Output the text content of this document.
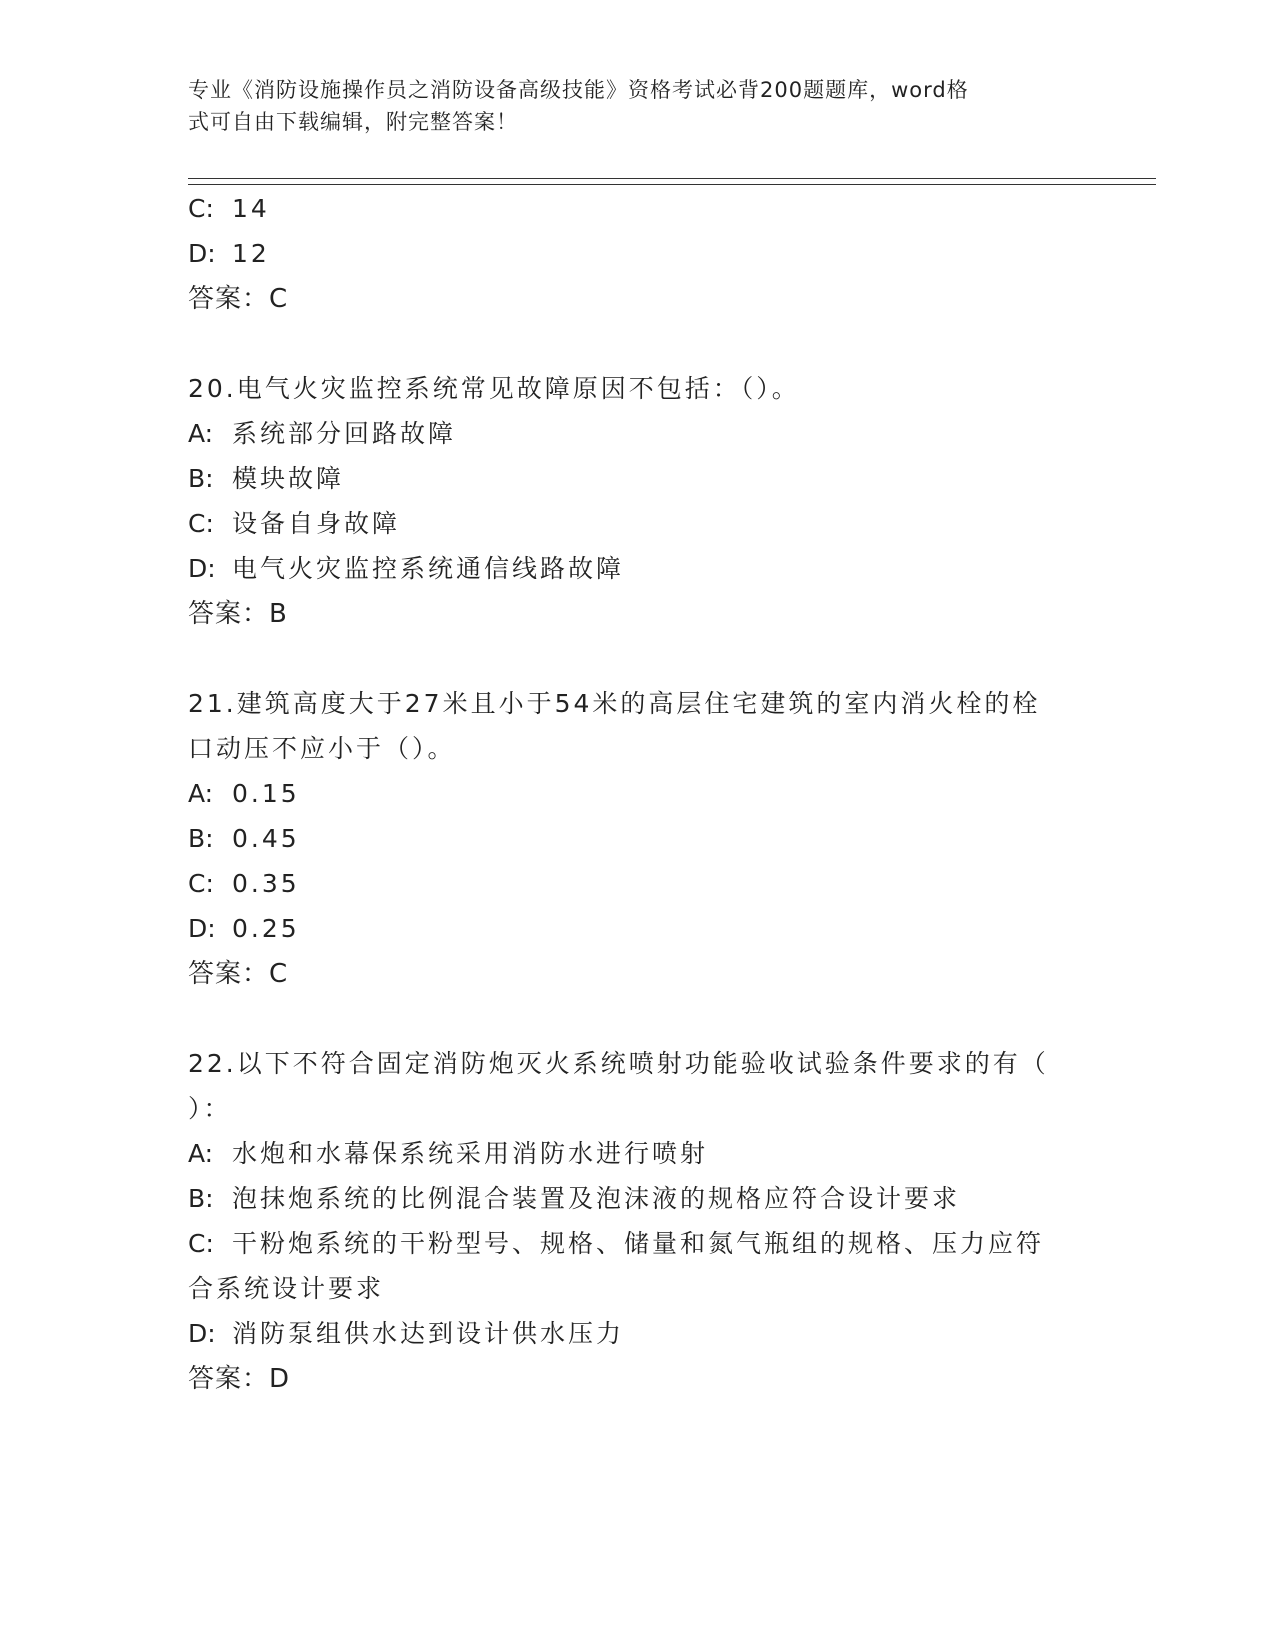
专业《消防设施操作员之消防设备高级技能》资格考试必背200题题库，word格
式可自由下载编辑，附完整答案！
C: 14
D: 12
答案：C
20.电气火灾监控系统常见故障原因不包括：（）。
A: 系统部分回路故障
B: 模块故障
C: 设备自身故障
D: 电气火灾监控系统通信线路故障
答案：B
21.建筑高度大于27米且小于54米的高层住宅建筑的室内消火栓的栓
口动压不应小于（）。
A: 0.15
B: 0.45
C: 0.35
D: 0.25
答案：C
22.以下不符合固定消防炮灭火系统喷射功能验收试验条件要求的有（
）：
A: 水炮和水幕保系统采用消防水进行喷射
B: 泡抹炮系统的比例混合装置及泡沫液的规格应符合设计要求
C: 干粉炮系统的干粉型号、规格、储量和氮气瓶组的规格、压力应符
合系统设计要求
D: 消防泵组供水达到设计供水压力
答案：D
